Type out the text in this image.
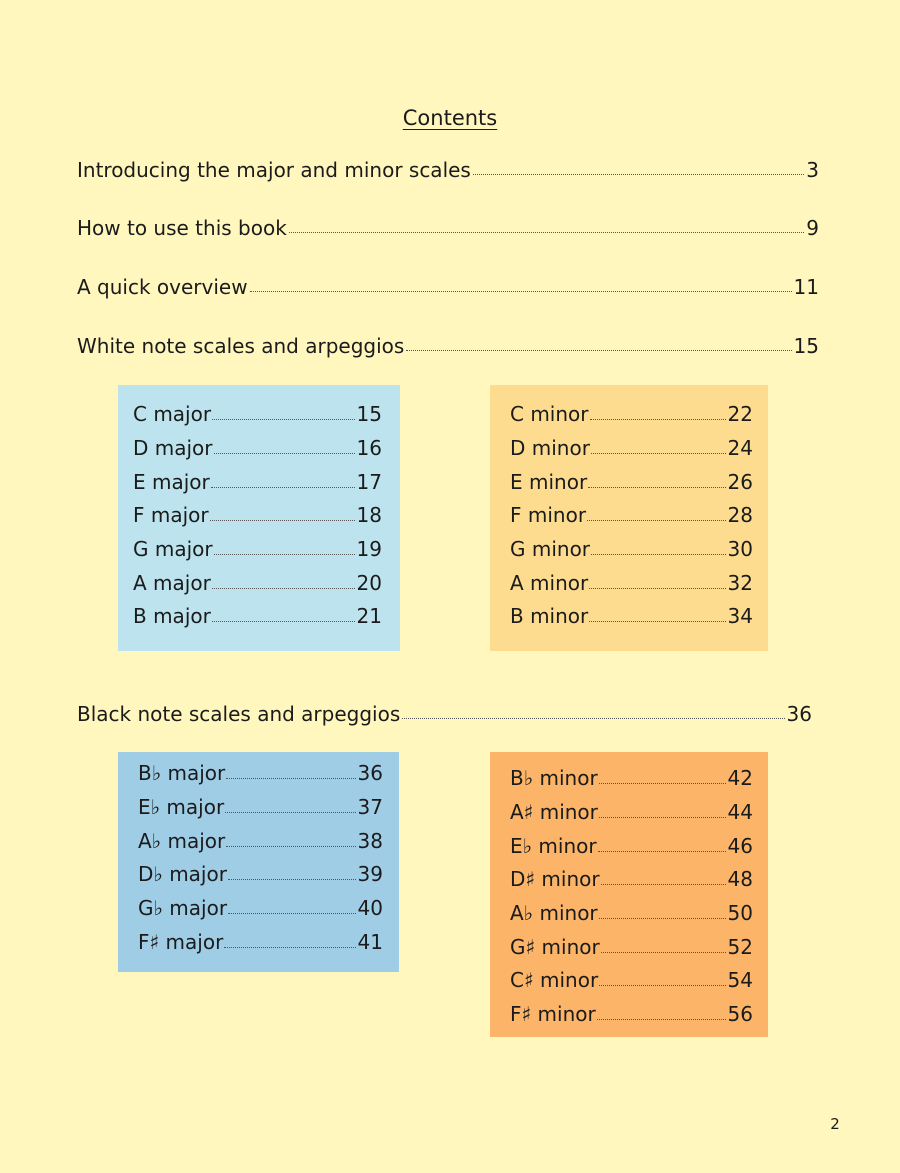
Contents
Introducing the major and minor scales	3
How to use this book	9
A quick overview	11
White note scales and arpeggios	15
C major	15
D major	16
E major	17
F major	18
G major	19
A major	20
B major	21
C minor	22
D minor	24
E minor	26
F minor	28
G minor	30
A minor	32
B minor	34
Black note scales and arpeggios	36
B♭ major	36
E♭ major	37
A♭ major	38
D♭ major	39
G♭ major	40
F♯ major	41
B♭ minor	42
A♯ minor	44
E♭ minor	46
D♯ minor	48
A♭ minor	50
G♯ minor	52
C♯ minor	54
F♯ minor	56
2
